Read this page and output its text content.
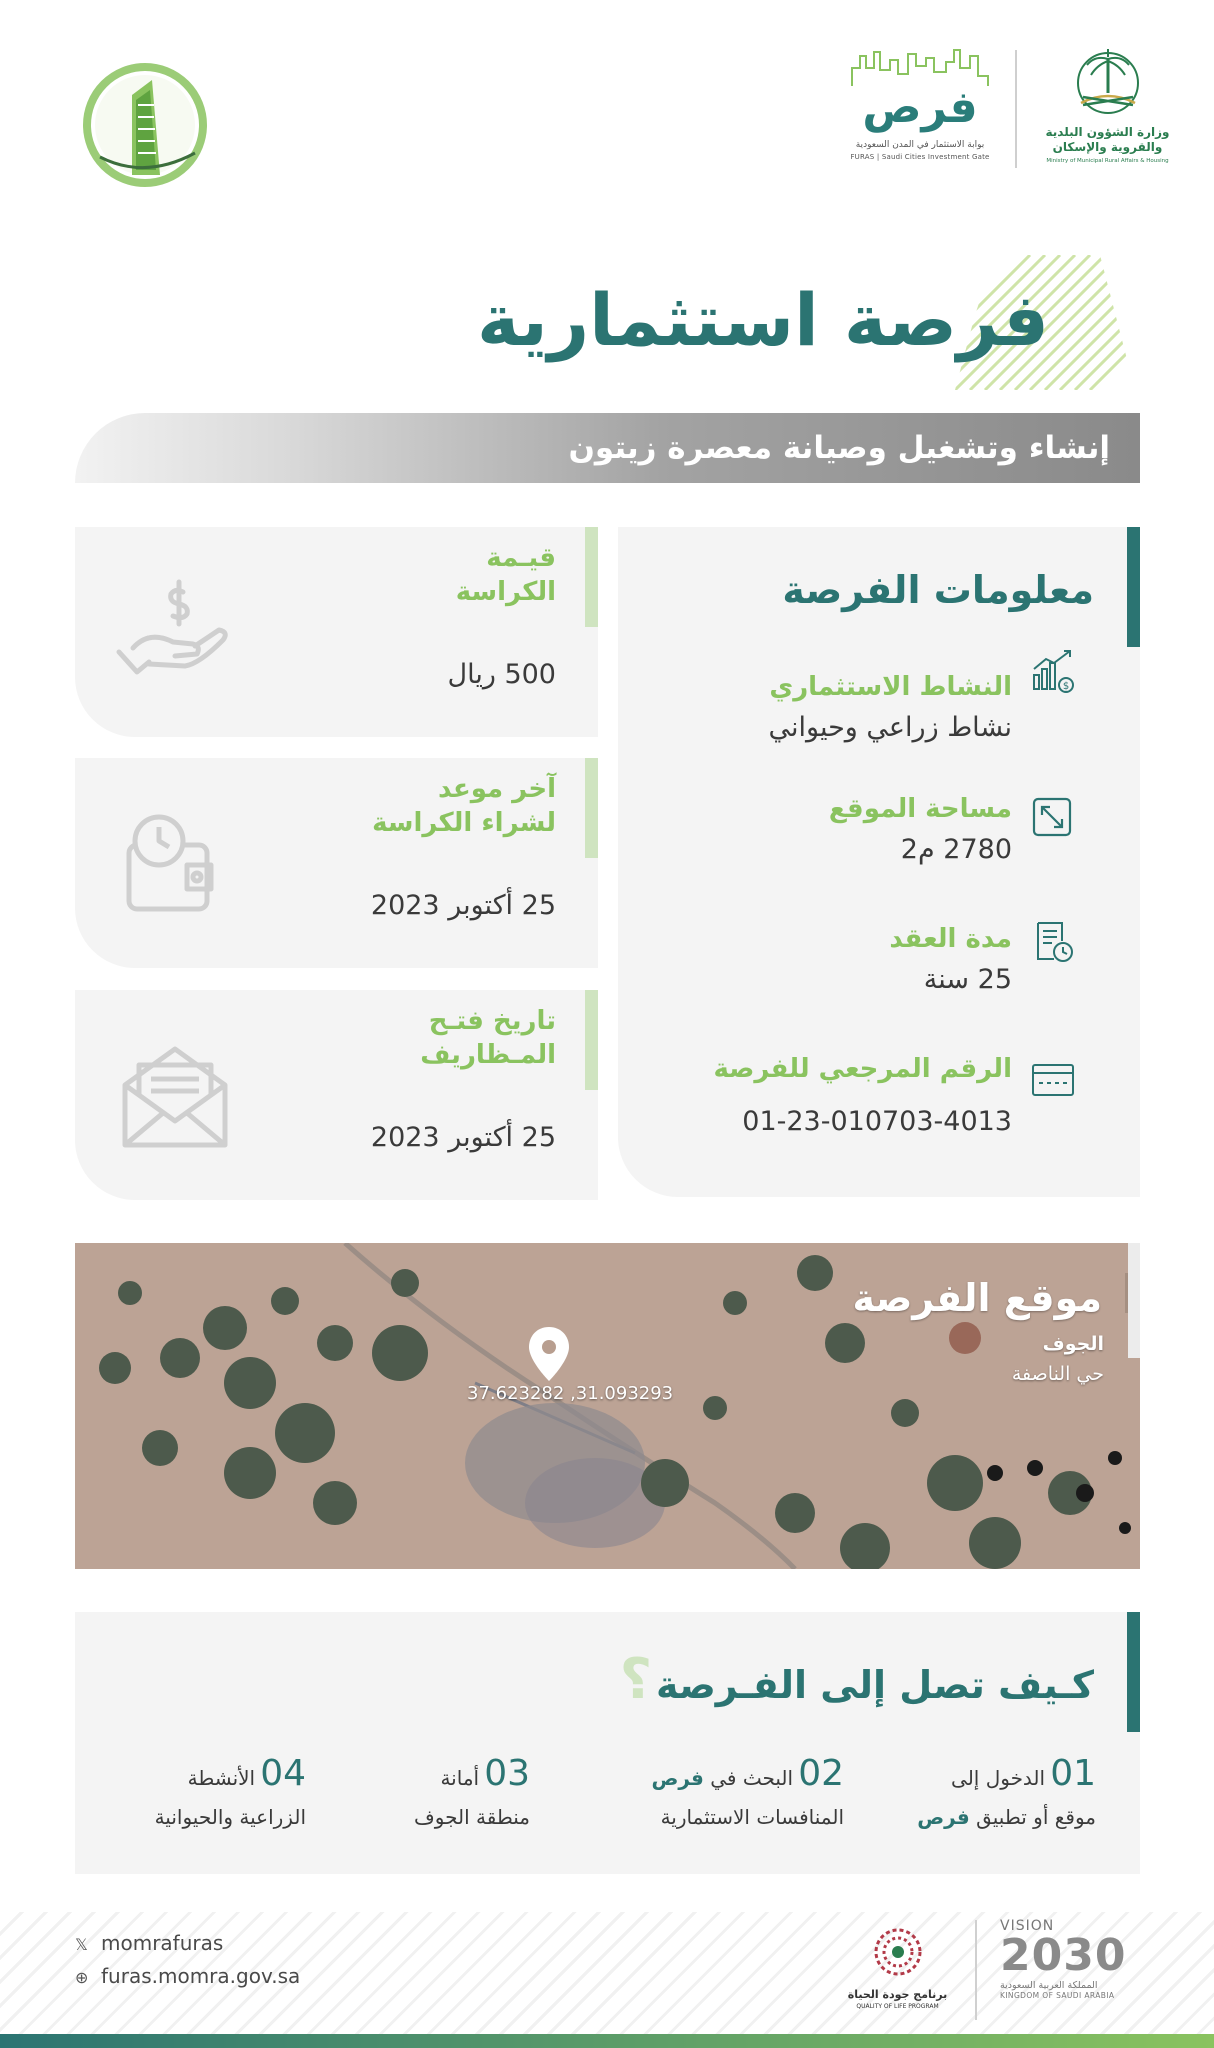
فرص
بوابة الاستثمار في المدن السعودية
FURAS | Saudi Cities Investment Gate
وزارة الشؤون البلدية
والقروية والإسكان
Ministry of Municipal Rural Affairs & Housing
فرصة استثمارية
إنشاء وتشغيل وصيانة معصرة زيتون
معلومات الفرصة
$
النشاط الاستثماري
نشاط زراعي وحيواني
مساحة الموقع
2780 م2
مدة العقد
25 سنة
الرقم المرجعي للفرصة
01-23-010703-4013
قيـمة
الكراسة
500 ريال
آخر موعد
لشراء الكراسة
25 أكتوبر 2023
تاريخ فتـح
المـظاريف
25 أكتوبر 2023
موقع الفرصة
الجوف
حي الناصفة
31.093293, 37.623282
كـيف تصل إلى الفـرصة؟
01 الدخول إلى
موقع أو تطبيق فرص
02 البحث في فرص
المنافسات الاستثمارية
03 أمانة
منطقة الجوف
04 الأنشطة
الزراعية والحيوانية
𝕏 momrafuras
⊕ furas.momra.gov.sa
برنامج جودة الحياة
QUALITY OF LIFE PROGRAM
VISION
2030
المملكة العربية السعودية
KINGDOM OF SAUDI ARABIA
